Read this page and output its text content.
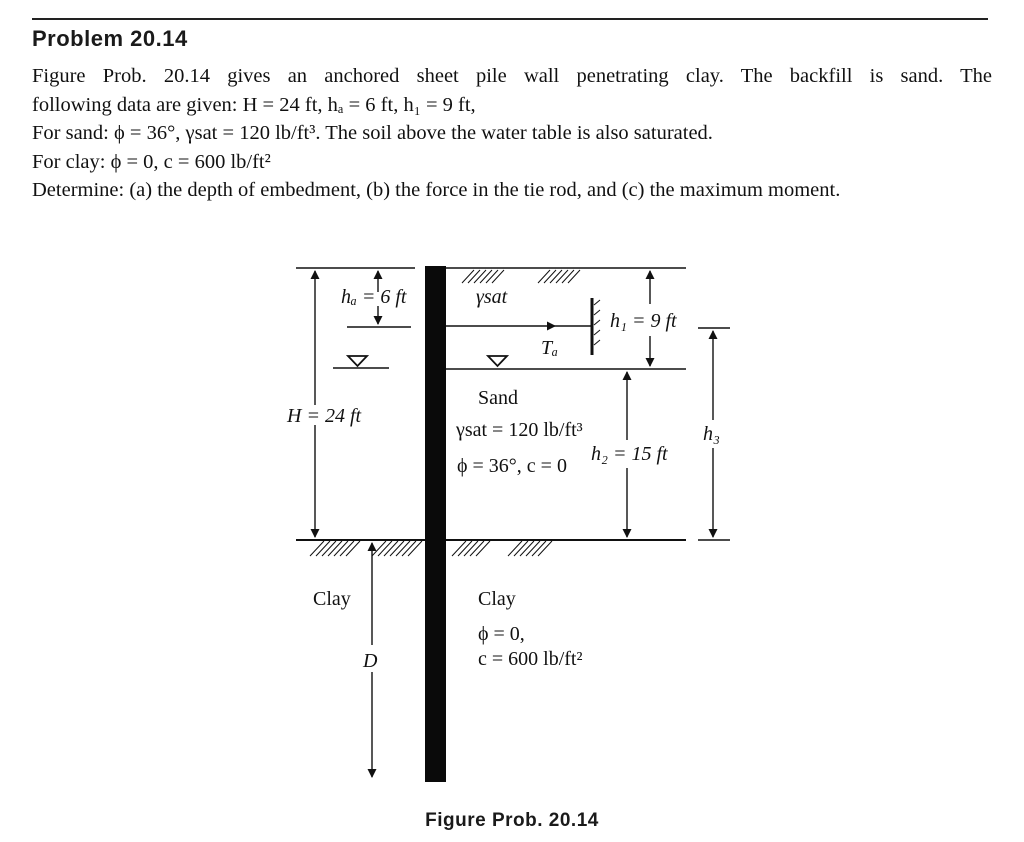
Problem 20.14

Figure Prob. 20.14 gives an anchored sheet pile wall penetrating clay. The backfill is sand. The

following data are given: H = 24 ft, hₐ = 6 ft, h₁ = 9 ft,

For sand: ϕ = 36°, γsat = 120 lb/ft³. The soil above the water table is also saturated.

For clay: ϕ = 0, c = 600 lb/ft²

Determine: (a) the depth of embedment, (b) the force in the tie rod, and (c) the maximum moment.

hₐ = 6 ft
H = 24 ft
γsat
Tₐ
h₁ = 9 ft
h₂ = 15 ft
h₃
D
Clay
Sand
γsat = 120 lb/ft³
ϕ = 36°, c = 0
Clay
ϕ = 0,
c = 600 lb/ft²
Figure Prob. 20.14
